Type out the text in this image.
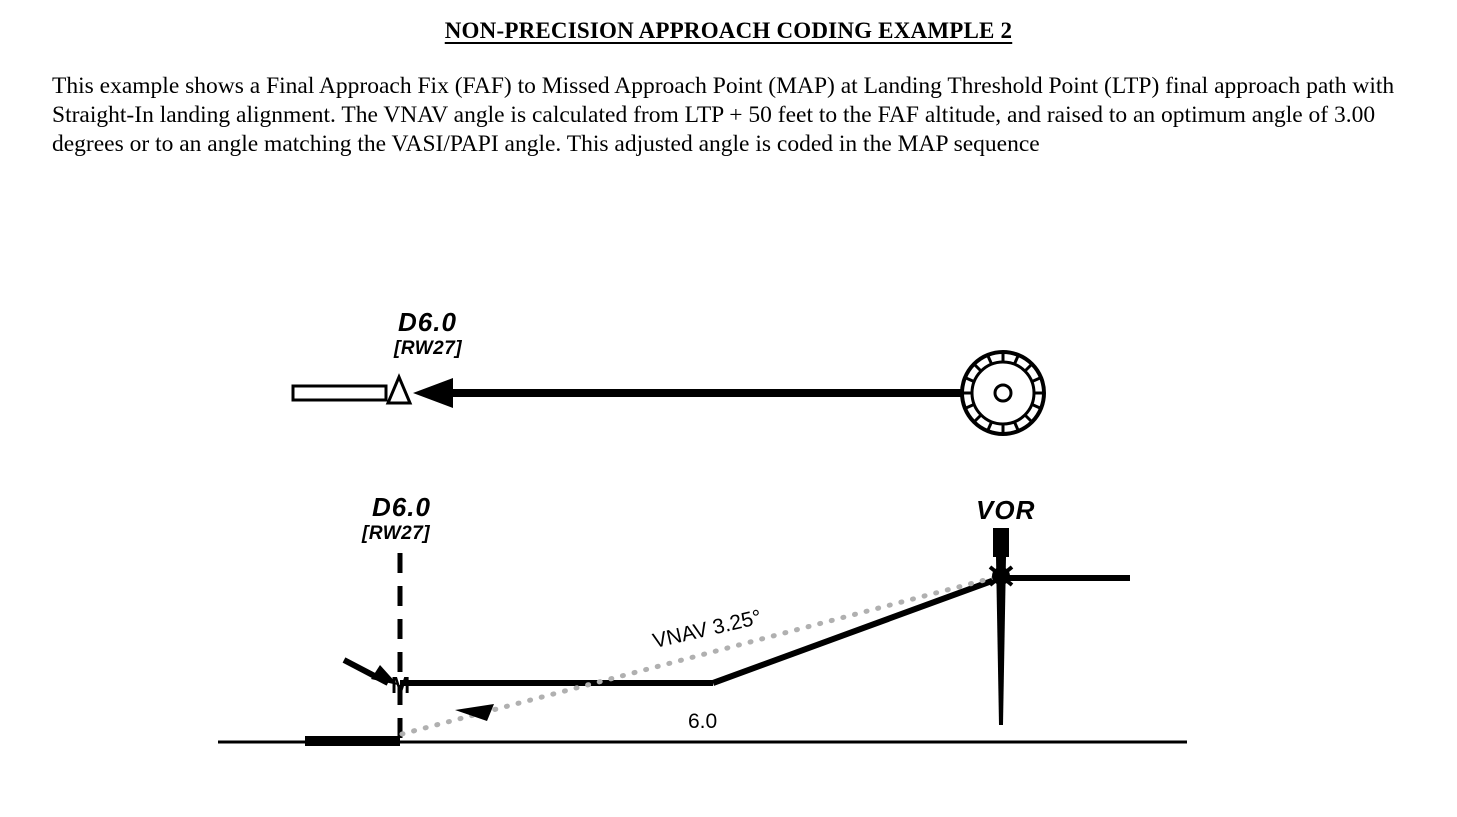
NON-PRECISION APPROACH CODING EXAMPLE 2
This example shows a Final Approach Fix (FAF) to Missed Approach Point (MAP) at Landing Threshold Point (LTP) final approach path with Straight-In landing alignment. The VNAV angle is calculated from LTP + 50 feet to the FAF altitude, and raised to an optimum angle of 3.00 degrees or to an angle matching the VASI/PAPI angle. This adjusted angle is coded in the MAP sequence
D6.0
[RW27]
D6.0
[RW27]
VOR
VNAV 3.25°
6.0
M
